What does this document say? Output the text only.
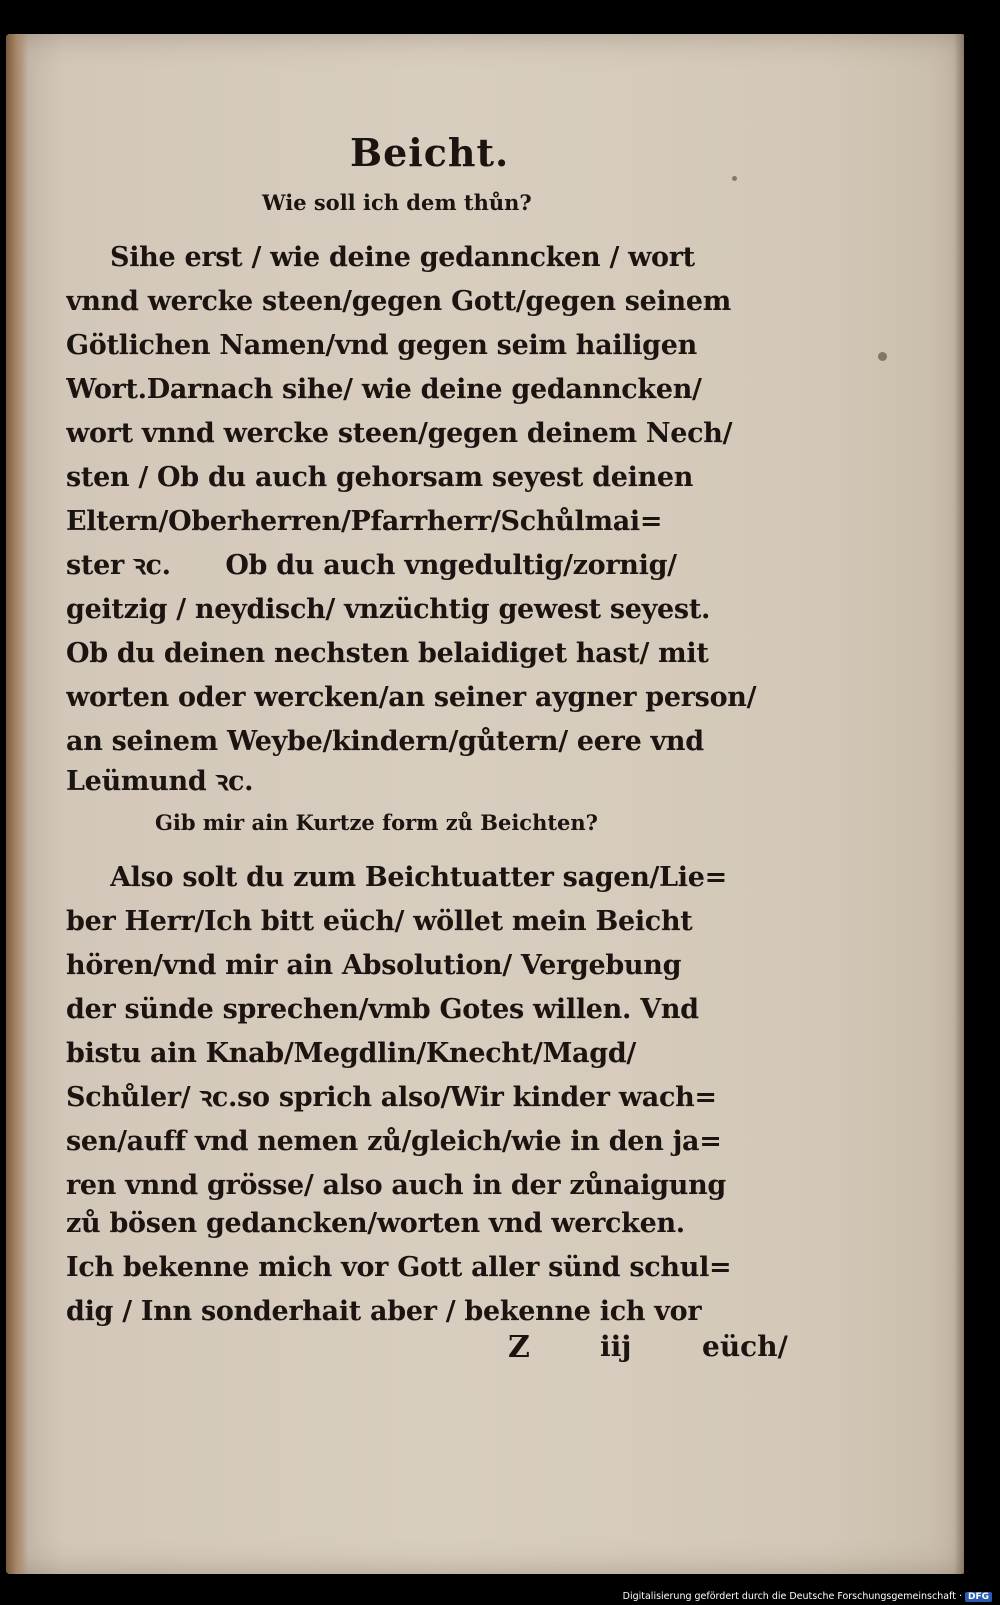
Beicht.
Wie soll ich dem thůn?
Sihe erst / wie deine gedanncken / wort
vnnd wercke steen/gegen Gott/gegen seinem
Götlichen Namen/vnd gegen seim hailigen
Wort.Darnach sihe/ wie deine gedanncken/
wort vnnd wercke steen/gegen deinem Nech/
sten / Ob du auch gehorsam seyest deinen
Eltern/Oberherren/Pfarrherr/Schůlmai=
ster ꝛc.      Ob du auch vngedultig/zornig/
geitzig / neydisch/ vnzüchtig gewest seyest.
Ob du deinen nechsten belaidiget hast/ mit
worten oder wercken/an seiner aygner person/
an seinem Weybe/kindern/gůtern/ eere vnd
Leümund ꝛc.
Gib mir ain Kurtze form zů Beichten?
Also solt du zum Beichtuatter sagen/Lie=
ber Herr/Ich bitt eüch/ wöllet mein Beicht
hören/vnd mir ain Absolution/ Vergebung
der sünde sprechen/vmb Gotes willen. Vnd
bistu ain Knab/Megdlin/Knecht/Magd/
Schůler/ ꝛc.so sprich also/Wir kinder wach=
sen/auff vnd nemen zů/gleich/wie in den ja=
ren vnnd grösse/ also auch in der zůnaigung
zů bösen gedancken/worten vnd wercken.
Ich bekenne mich vor Gott aller sünd schul=
dig / Inn sonderhait aber / bekenne ich vor
Z	iij	eüch/
Digitalisierung gefördert durch die Deutsche Forschungsgemeinschaft · DFG
